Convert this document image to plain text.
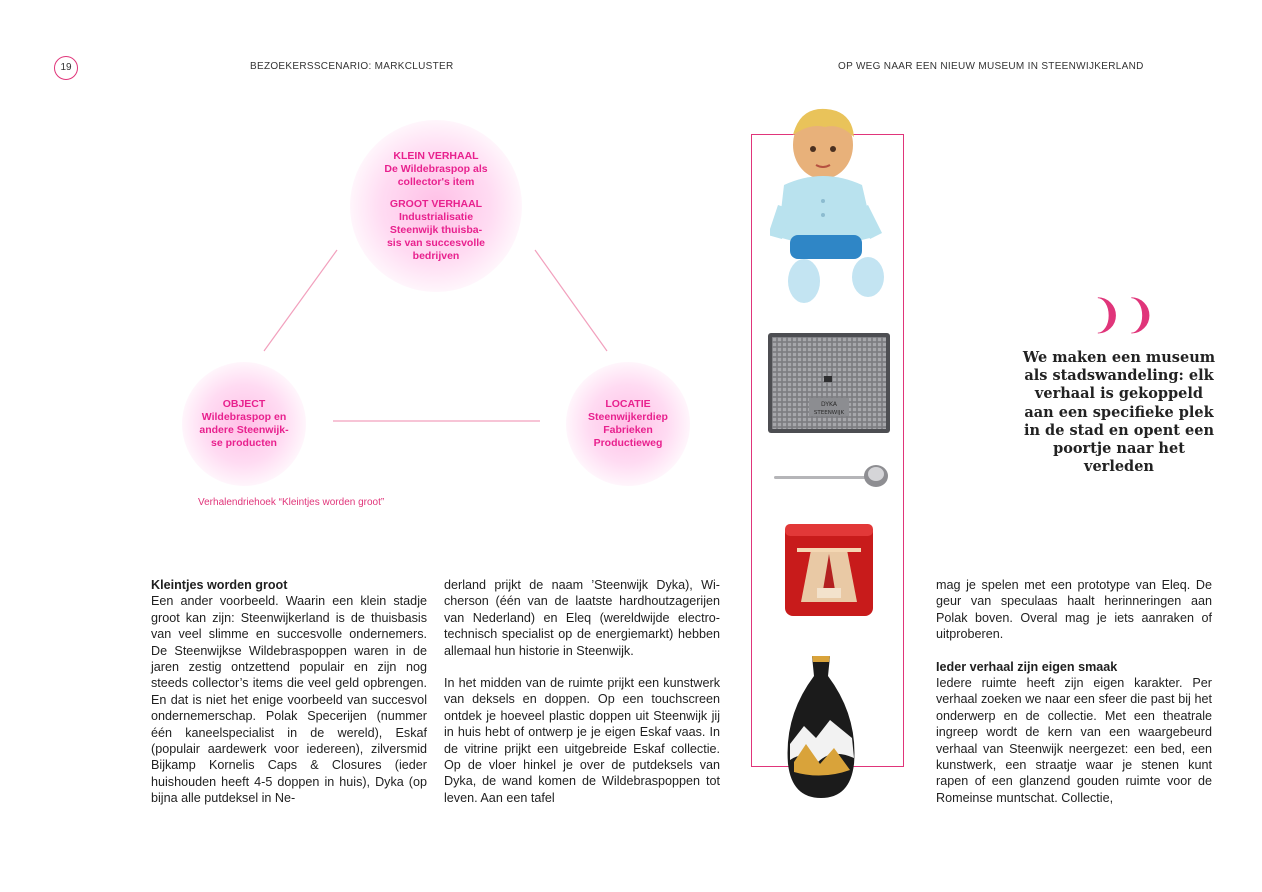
19	BEZOEKERSSCENARIO: MARKCLUSTER	OP WEG NAAR EEN NIEUW MUSEUM IN STEENWIJKERLAND
KLEIN VERHAAL
De Wildebraspop als
collector's item
GROOT VERHAAL
Industrialisatie
Steenwijk thuisba-
sis van succesvolle
bedrijven
OBJECT
Wildebraspop en
andere Steenwijk-
se producten
LOCATIE
Steenwijkerdiep
Fabrieken
Productieweg
Verhalendriehoek “Kleintjes worden groot”

Kleintjes worden groot

Een ander voorbeeld. Waarin een klein stadje groot kan zijn: Steenwijkerland is de thuisbasis van veel slimme en succesvolle ondernemers. De Steenwijkse Wildebraspoppen waren in de jaren zestig ontzettend populair en zijn nog steeds collector’s items die veel geld opbrengen. En dat is niet het enige voorbeeld van succesvol ondernemerschap. Polak Specerijen (nummer één kaneelspecialist in de wereld), Eskaf (populair aardewerk voor iedereen), zilversmid Bijkamp Kornelis Caps & Closures (ieder huishouden heeft 4-5 doppen in huis), Dyka (op bijna alle putdeksel in Ne-

derland prijkt de naam ’Steenwijk Dyka), Wicherson (één van de laatste hardhoutzagerijen van Nederland) en Eleq (wereldwijde electrotechnisch specialist op de energiemarkt) hebben allemaal hun historie in Steenwijk.

In het midden van de ruimte prijkt een kunstwerk van deksels en doppen. Op een touchscreen ontdek je hoeveel plastic doppen uit Steenwijk jij in huis hebt of ontwerp je je eigen Eskaf vaas. In de vitrine prijkt een uitgebreide Eskaf collectie. Op de vloer hinkel je over de putdeksels van Dyka, de wand komen de Wildebraspoppen tot leven. Aan een tafel

mag je spelen met een prototype van Eleq. De geur van speculaas haalt herinneringen aan Polak boven. Overal mag je iets aanraken of uitproberen.

Ieder verhaal zijn eigen smaak

Iedere ruimte heeft zijn eigen karakter. Per verhaal zoeken we naar een sfeer die past bij het onderwerp en de collectie. Met een theatrale ingreep wordt de kern van een waargebeurd verhaal van Steenwijk neergezet: een bed, een kunstwerk, een straatje waar je stenen kunt rapen of een glanzend gouden ruimte voor de Romeinse muntschat. Collectie,

DYKA
STEENWIJK
❩❩
We maken een museum als stadswandeling: elk verhaal is gekoppeld aan een specifieke plek in de stad en opent een poortje naar het verleden
